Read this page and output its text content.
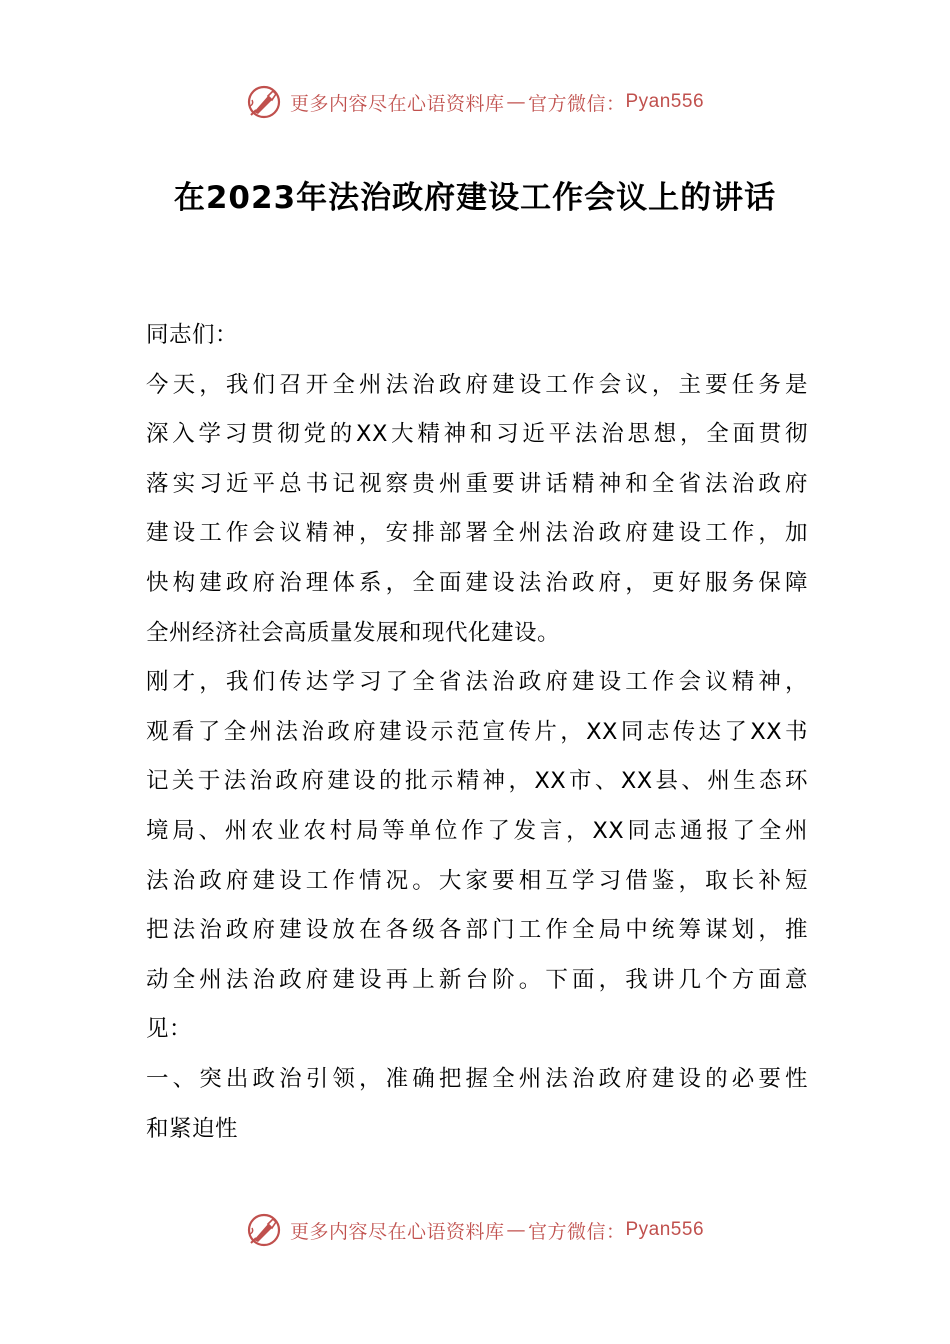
更多内容尽在心语资料库 — 官方微信： Pyan556
在2023年法治政府建设工作会议上的讲话
同志们：
今天，我们召开全州法治政府建设工作会议，主要任务是
深入学习贯彻党的XX大精神和习近平法治思想，全面贯彻
落实习近平总书记视察贵州重要讲话精神和全省法治政府
建设工作会议精神，安排部署全州法治政府建设工作，加
快构建政府治理体系，全面建设法治政府，更好服务保障
全州经济社会高质量发展和现代化建设。
刚才，我们传达学习了全省法治政府建设工作会议精神，
观看了全州法治政府建设示范宣传片，XX同志传达了XX书
记关于法治政府建设的批示精神，XX市、XX县、州生态环
境局、州农业农村局等单位作了发言，XX同志通报了全州
法治政府建设工作情况。大家要相互学习借鉴，取长补短
把法治政府建设放在各级各部门工作全局中统筹谋划，推
动全州法治政府建设再上新台阶。下面，我讲几个方面意
见：
一、突出政治引领，准确把握全州法治政府建设的必要性
和紧迫性
更多内容尽在心语资料库 — 官方微信： Pyan556
